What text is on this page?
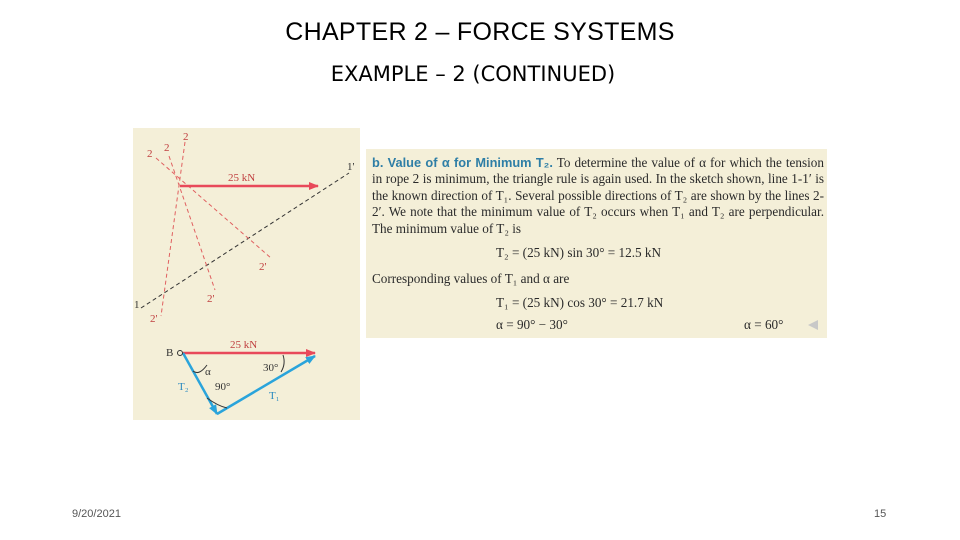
CHAPTER 2 – FORCE SYSTEMS
EXAMPLE – 2 (CONTINUED)
2
2
2
1'
2'
2'
1
2'
25 kN
25 kN
B
α	30°
90°
T₂
T₁
b. Value of α for Minimum T₂. To determine the value of α for which the tension in rope 2 is minimum, the triangle rule is again used. In the sketch shown, line 1-1′ is the known direction of T₁. Several possible directions of T₂ are shown by the lines 2-2′. We note that the minimum value of T₂ occurs when T₁ and T₂ are perpendicular. The minimum value of T₂ is
T₂ = (25 kN) sin 30° = 12.5 kN
Corresponding values of T₁ and α are
T₁ = (25 kN) cos 30° = 21.7 kN
α = 90° − 30°	α = 60°
9/20/2021	15
